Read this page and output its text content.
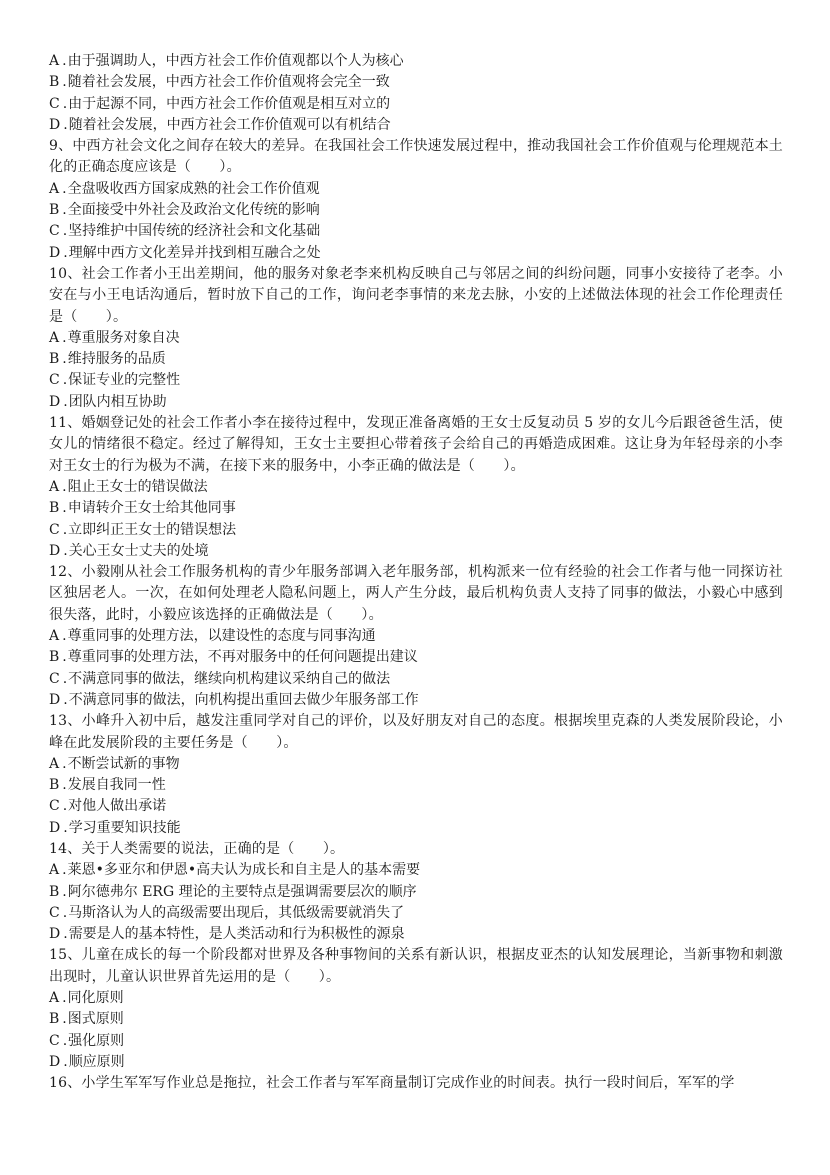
A .由于强调助人，中西方社会工作价值观都以个人为核心

B .随着社会发展，中西方社会工作价值观将会完全一致

C .由于起源不同，中西方社会工作价值观是相互对立的

D .随着社会发展，中西方社会工作价值观可以有机结合

9、中西方社会文化之间存在较大的差异。在我国社会工作快速发展过程中，推动我国社会工作价值观与伦理规范本土化的正确态度应该是（　　）。

A .全盘吸收西方国家成熟的社会工作价值观

B .全面接受中外社会及政治文化传统的影响

C .坚持维护中国传统的经济社会和文化基础

D .理解中西方文化差异并找到相互融合之处

10、社会工作者小王出差期间，他的服务对象老李来机构反映自己与邻居之间的纠纷问题，同事小安接待了老李。小安在与小王电话沟通后，暂时放下自己的工作，询问老李事情的来龙去脉，小安的上述做法体现的社会工作伦理责任是（　　）。

A .尊重服务对象自决

B .维持服务的品质

C .保证专业的完整性

D .团队内相互协助

11、婚姻登记处的社会工作者小李在接待过程中，发现正准备离婚的王女士反复动员 5 岁的女儿今后跟爸爸生活，使女儿的情绪很不稳定。经过了解得知，王女士主要担心带着孩子会给自己的再婚造成困难。这让身为年轻母亲的小李对王女士的行为极为不满，在接下来的服务中，小李正确的做法是（　　）。

A .阻止王女士的错误做法

B .申请转介王女士给其他同事

C .立即纠正王女士的错误想法

D .关心王女士丈夫的处境

12、小毅刚从社会工作服务机构的青少年服务部调入老年服务部，机构派来一位有经验的社会工作者与他一同探访社区独居老人。一次，在如何处理老人隐私问题上，两人产生分歧，最后机构负责人支持了同事的做法，小毅心中感到很失落，此时，小毅应该选择的正确做法是（　　）。

A .尊重同事的处理方法，以建设性的态度与同事沟通

B .尊重同事的处理方法，不再对服务中的任何问题提出建议

C .不满意同事的做法，继续向机构建议采纳自己的做法

D .不满意同事的做法，向机构提出重回去做少年服务部工作

13、小峰升入初中后，越发注重同学对自己的评价，以及好朋友对自己的态度。根据埃里克森的人类发展阶段论，小峰在此发展阶段的主要任务是（　　）。

A .不断尝试新的事物

B .发展自我同一性

C .对他人做出承诺

D .学习重要知识技能

14、关于人类需要的说法，正确的是（　　）。

A .莱恩•多亚尔和伊恩•高夫认为成长和自主是人的基本需要

B .阿尔德弗尔 ERG 理论的主要特点是强调需要层次的顺序

C .马斯洛认为人的高级需要出现后，其低级需要就消失了

D .需要是人的基本特性，是人类活动和行为积极性的源泉

15、儿童在成长的每一个阶段都对世界及各种事物间的关系有新认识，根据皮亚杰的认知发展理论，当新事物和刺激出现时，儿童认识世界首先运用的是（　　）。

A .同化原则

B .图式原则

C .强化原则

D .顺应原则

16、小学生军军写作业总是拖拉，社会工作者与军军商量制订完成作业的时间表。执行一段时间后，军军的学
